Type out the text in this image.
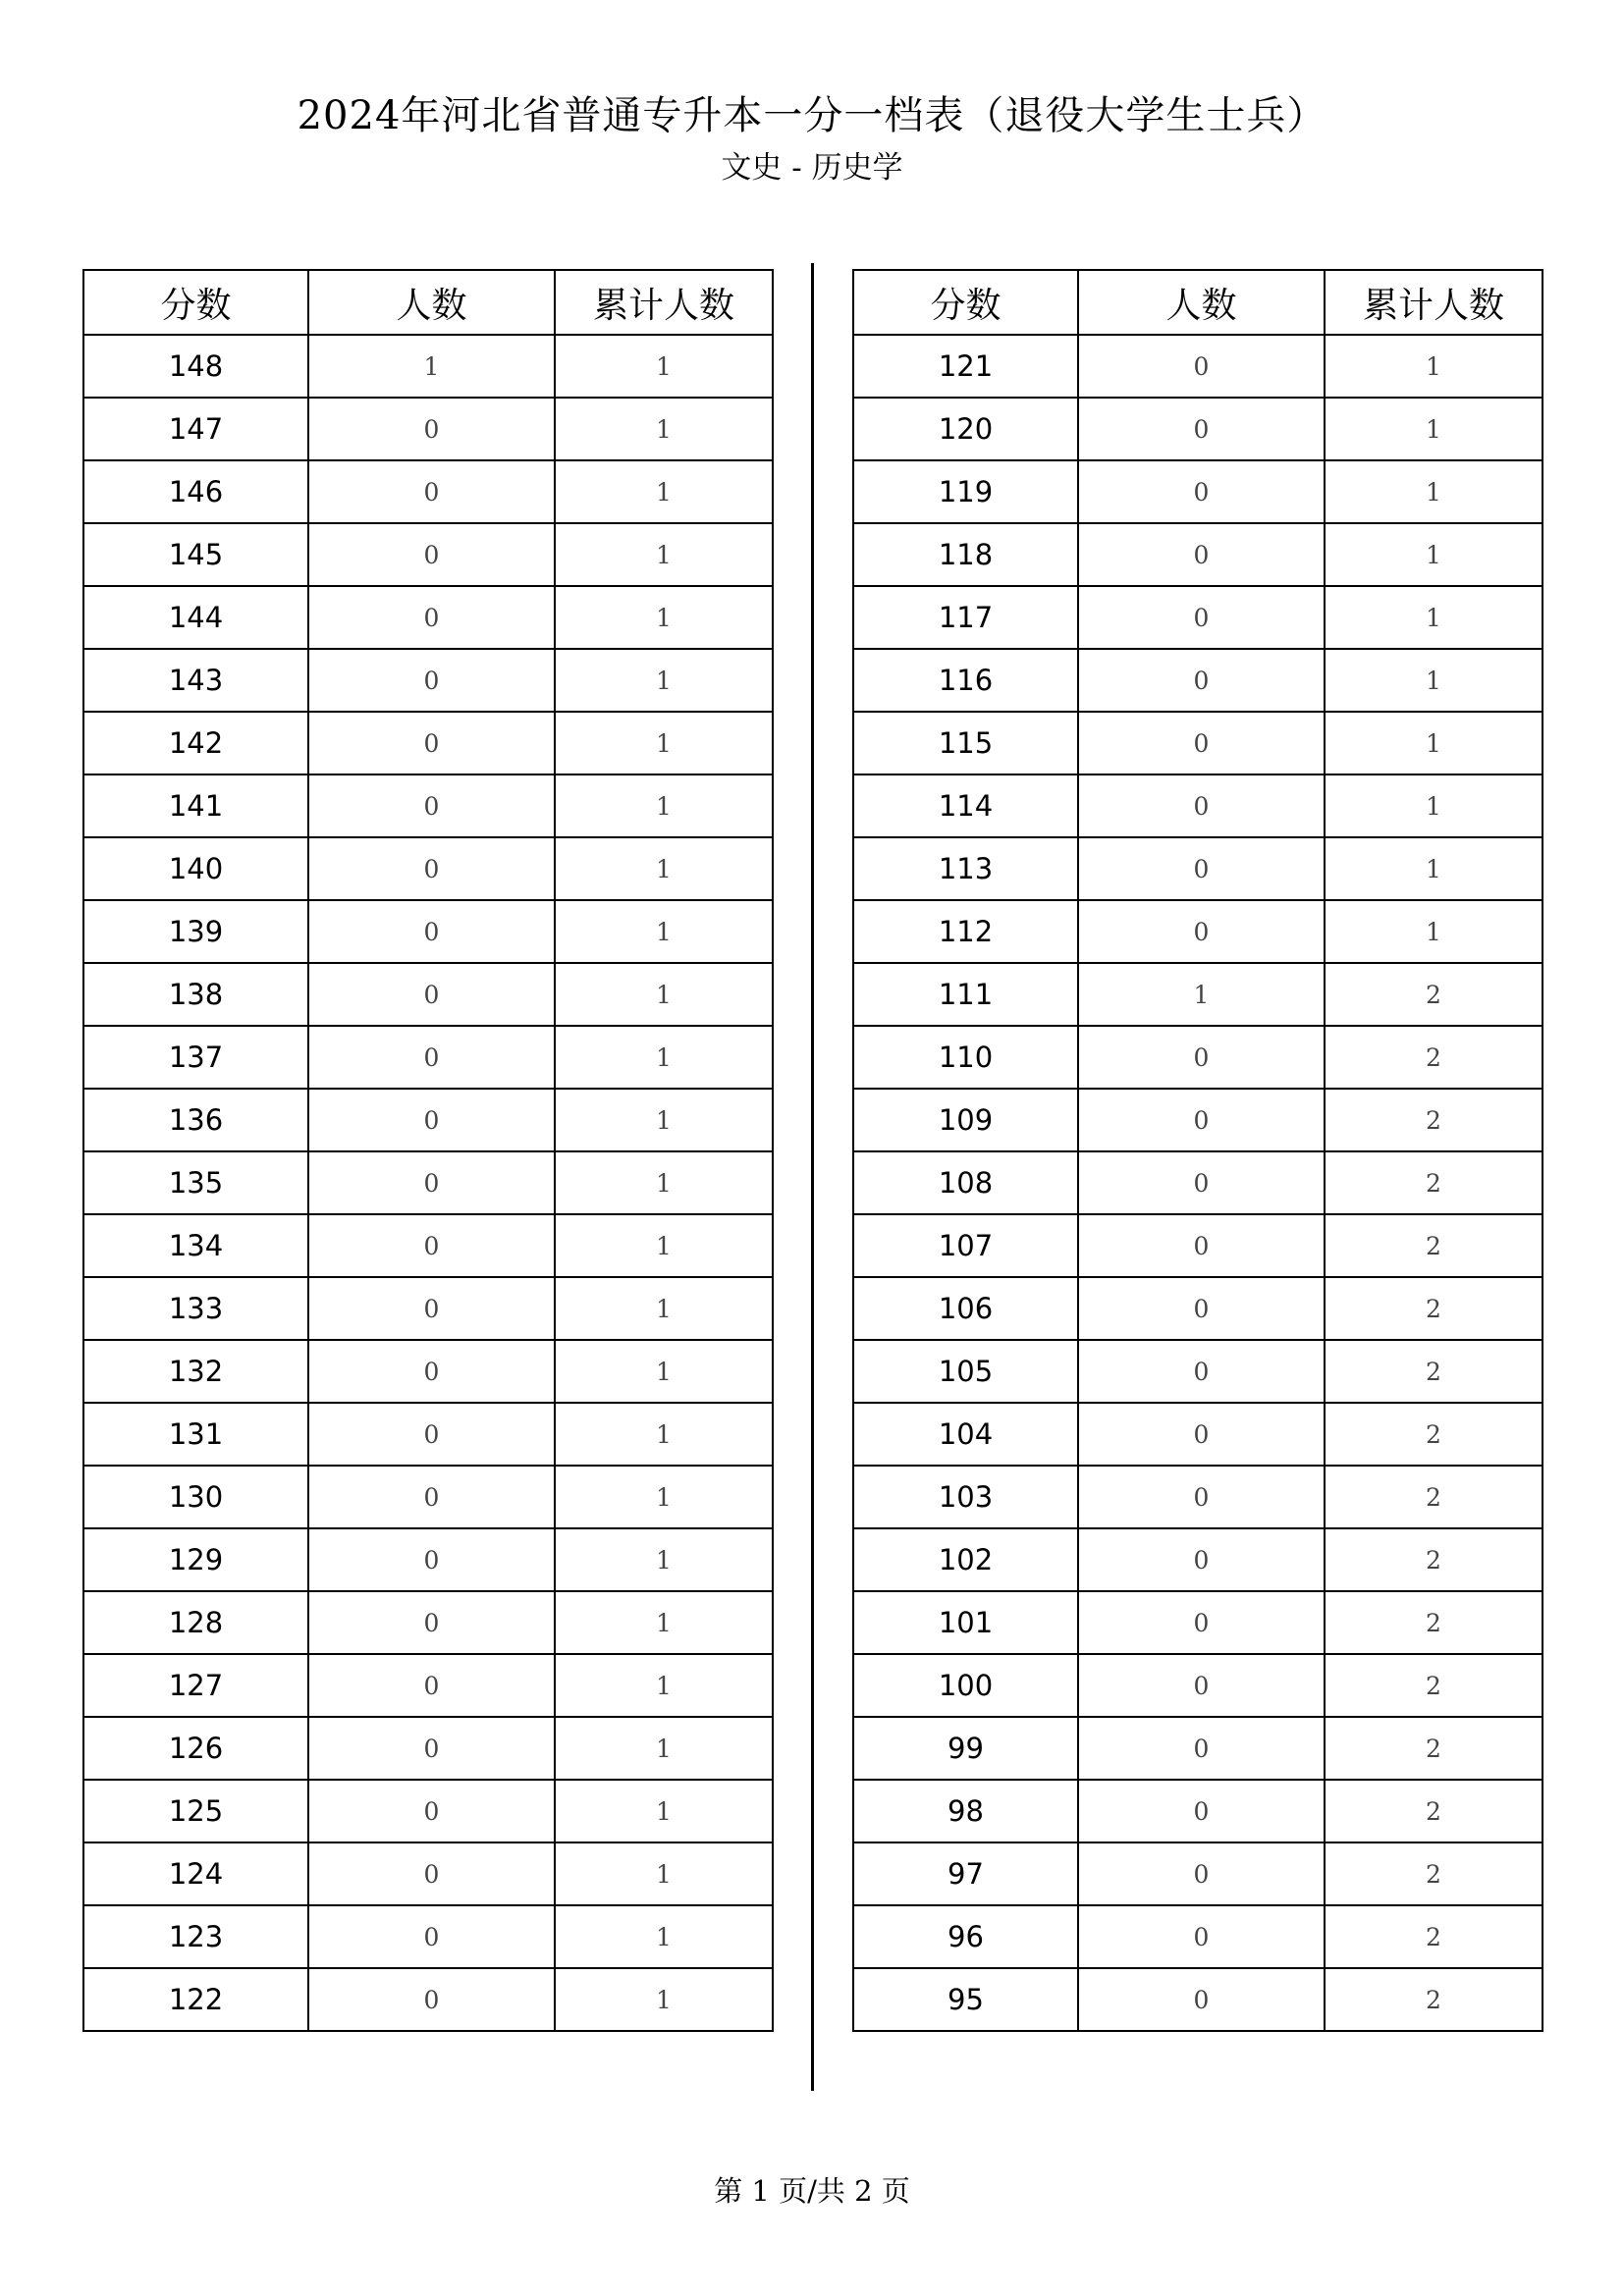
2024年河北省普通专升本一分一档表（退役大学生士兵）
文史 - 历史学
分数	人数	累计人数
148	1	1
147	0	1
146	0	1
145	0	1
144	0	1
143	0	1
142	0	1
141	0	1
140	0	1
139	0	1
138	0	1
137	0	1
136	0	1
135	0	1
134	0	1
133	0	1
132	0	1
131	0	1
130	0	1
129	0	1
128	0	1
127	0	1
126	0	1
125	0	1
124	0	1
123	0	1
122	0	1
分数	人数	累计人数
121	0	1
120	0	1
119	0	1
118	0	1
117	0	1
116	0	1
115	0	1
114	0	1
113	0	1
112	0	1
111	1	2
110	0	2
109	0	2
108	0	2
107	0	2
106	0	2
105	0	2
104	0	2
103	0	2
102	0	2
101	0	2
100	0	2
99	0	2
98	0	2
97	0	2
96	0	2
95	0	2
第 1 页/共 2 页
